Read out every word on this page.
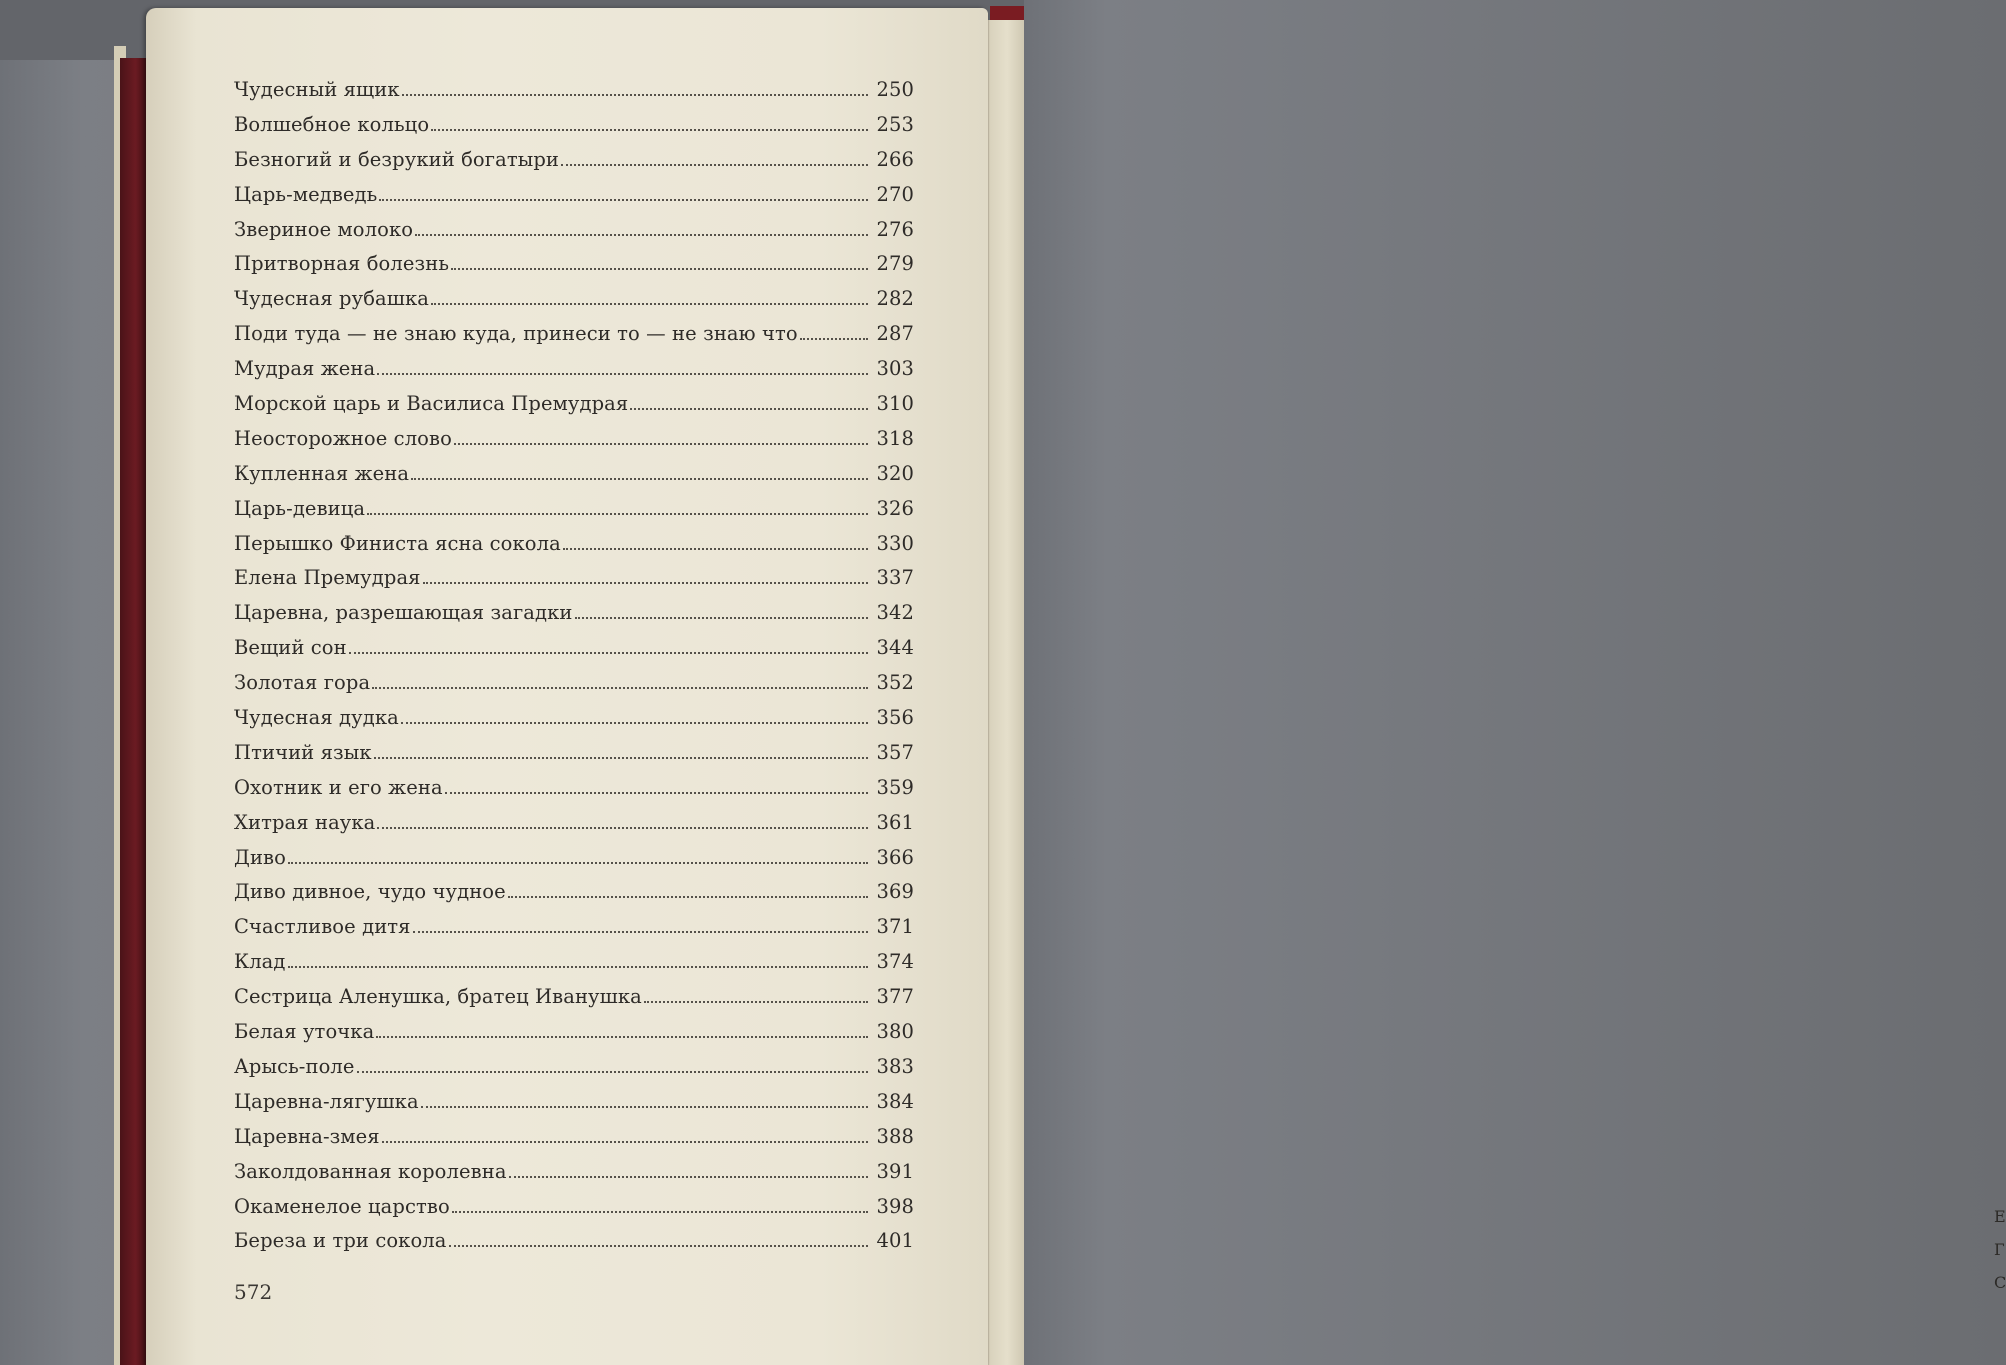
Е
Г
С
Чудесный ящик	250
Волшебное кольцо	253
Безногий и безрукий богатыри	266
Царь-медведь	270
Звериное молоко	276
Притворная болезнь	279
Чудесная рубашка	282
Поди туда — не знаю куда, принеси то — не знаю что	287
Мудрая жена	303
Морской царь и Василиса Премудрая	310
Неосторожное слово	318
Купленная жена	320
Царь-девица	326
Перышко Финиста ясна сокола	330
Елена Премудрая	337
Царевна, разрешающая загадки	342
Вещий сон	344
Золотая гора	352
Чудесная дудка	356
Птичий язык	357
Охотник и его жена	359
Хитрая наука	361
Диво	366
Диво дивное, чудо чудное	369
Счастливое дитя	371
Клад	374
Сестрица Аленушка, братец Иванушка	377
Белая уточка	380
Арысь-поле	383
Царевна-лягушка	384
Царевна-змея	388
Заколдованная королевна	391
Окаменелое царство	398
Береза и три сокола	401
572
